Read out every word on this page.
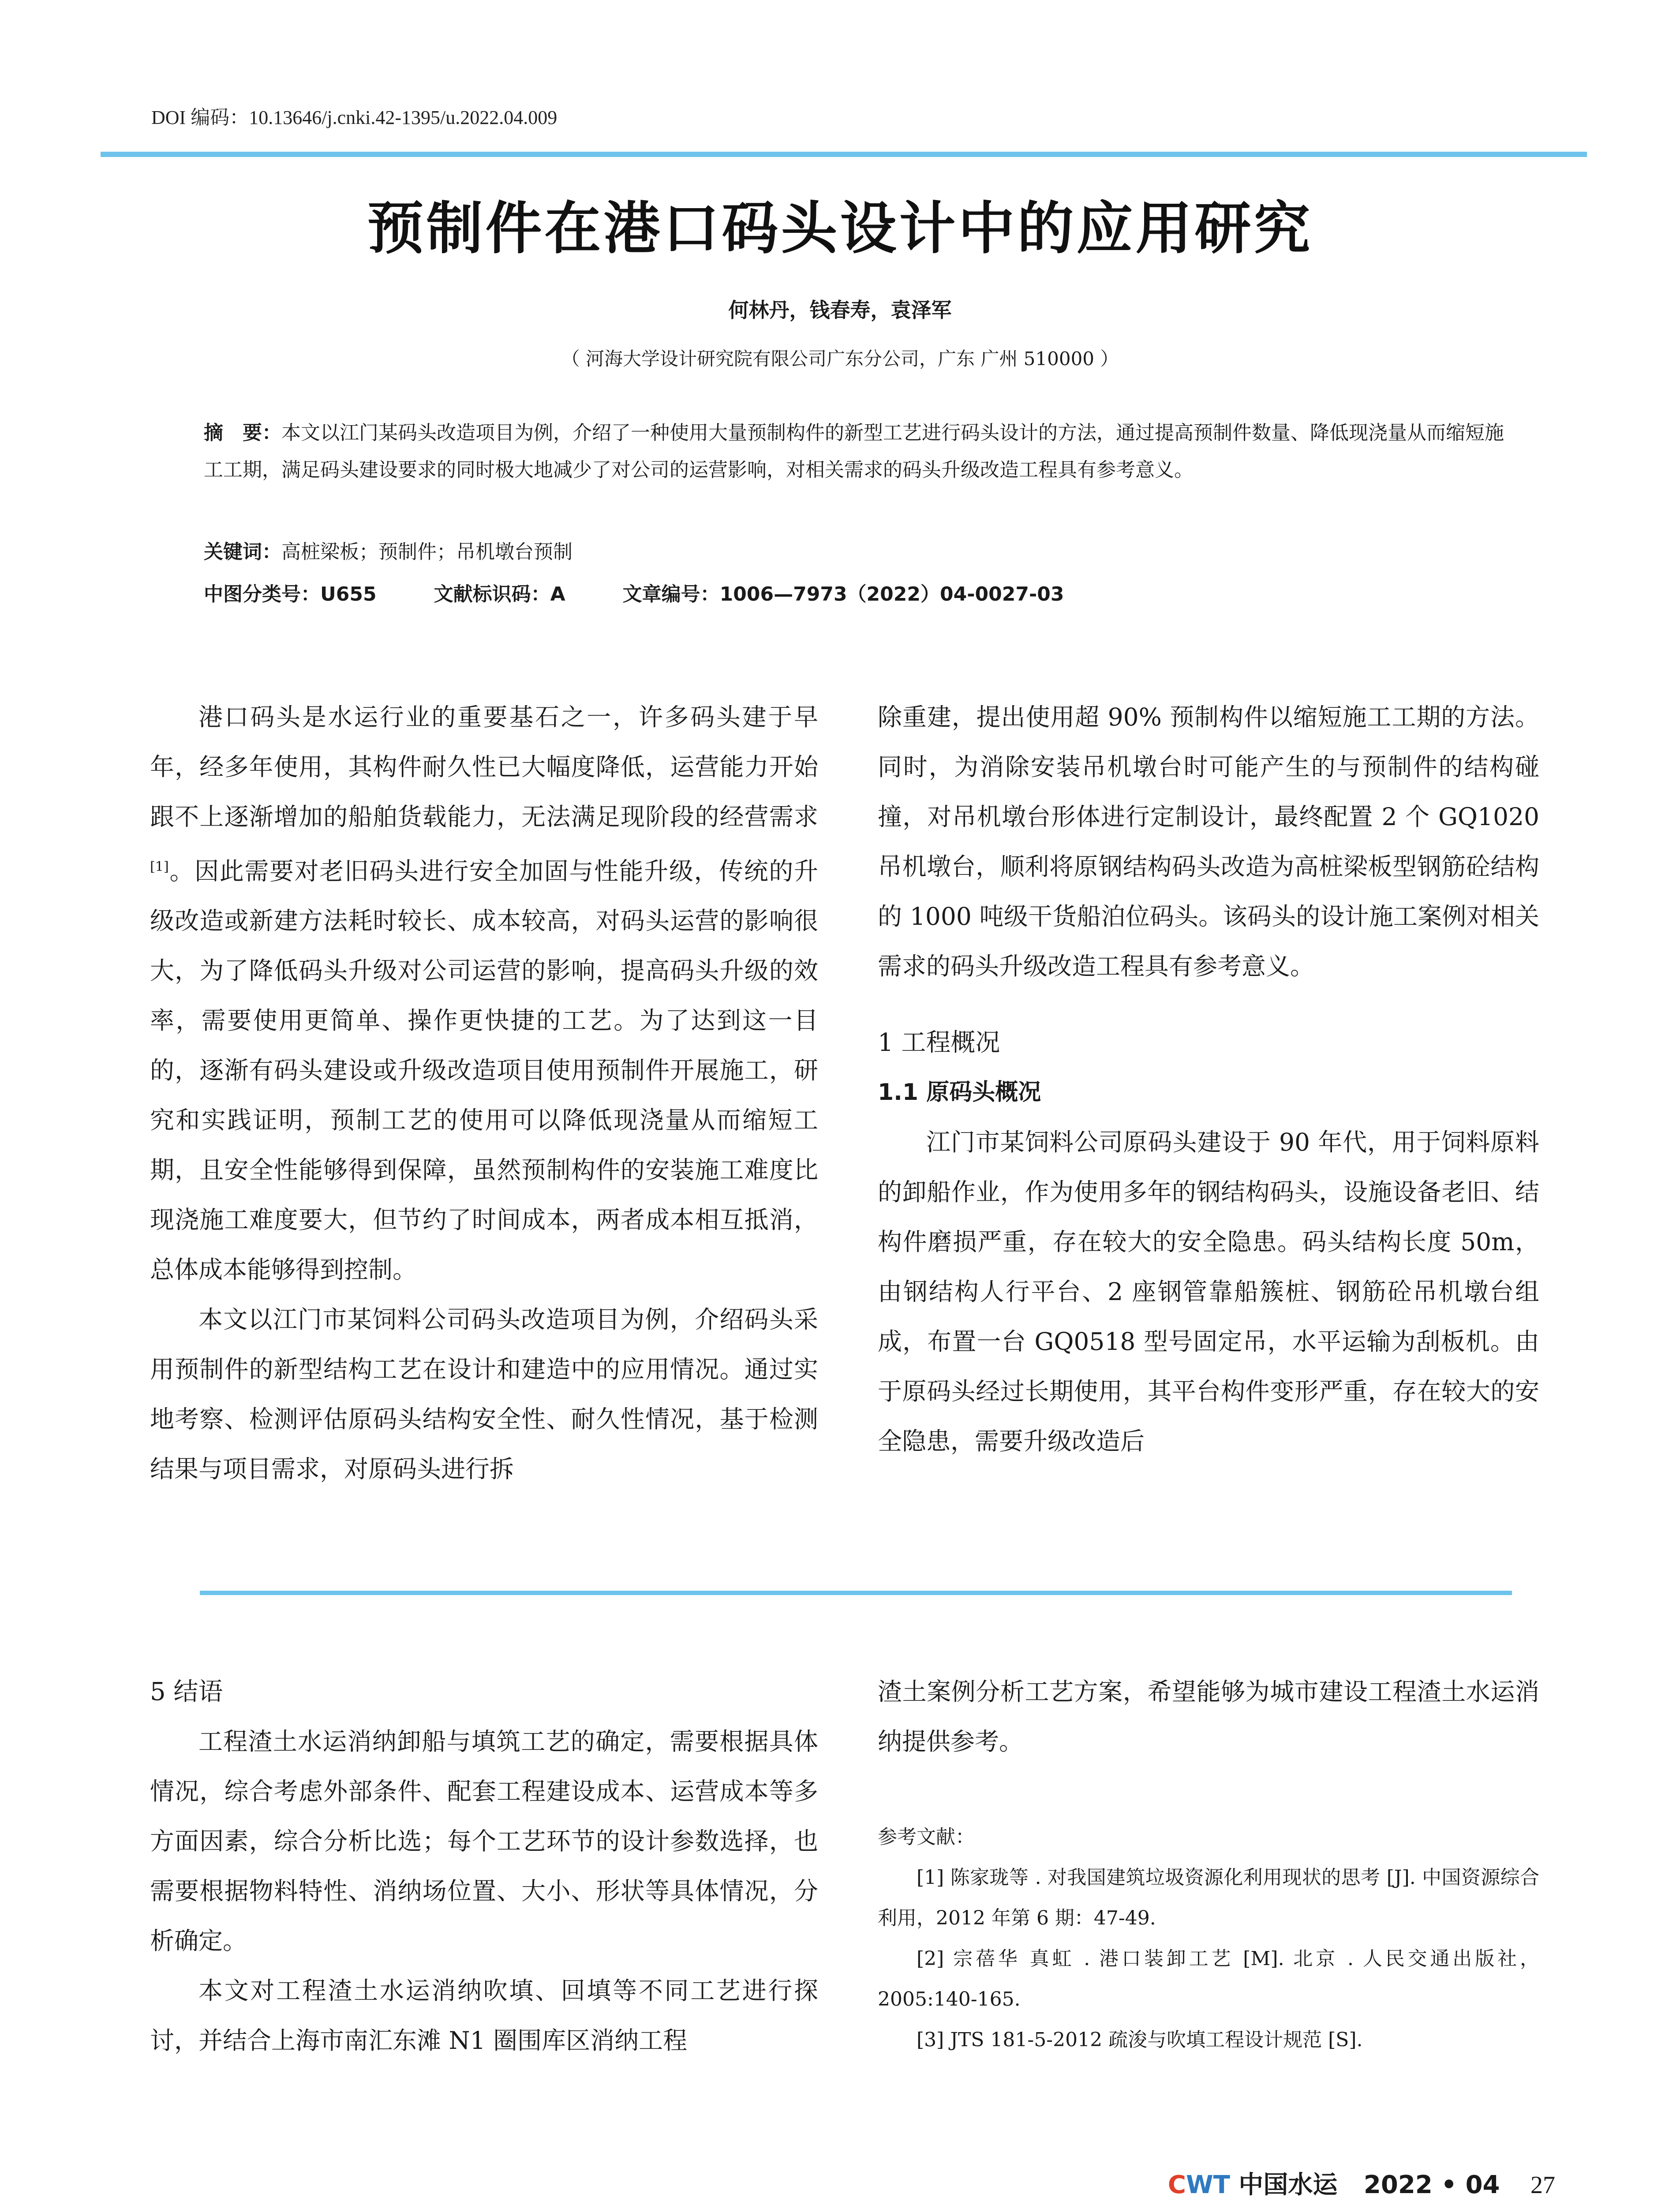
DOI 编码：10.13646/j.cnki.42-1395/u.2022.04.009
预制件在港口码头设计中的应用研究
何林丹，钱春寿，袁泽军
（ 河海大学设计研究院有限公司广东分公司，广东 广州 510000 ）
摘　要：本文以江门某码头改造项目为例，介绍了一种使用大量预制构件的新型工艺进行码头设计的方法，通过提高预制件数量、降低现浇量从而缩短施工工期，满足码头建设要求的同时极大地减少了对公司的运营影响，对相关需求的码头升级改造工程具有参考意义。
关键词：高桩梁板；预制件；吊机墩台预制
中图分类号：U655	文献标识码：A	文章编号：1006—7973（2022）04-0027-03

港口码头是水运行业的重要基石之一，许多码头建于早年，经多年使用，其构件耐久性已大幅度降低，运营能力开始跟不上逐渐增加的船舶货载能力，无法满足现阶段的经营需求[1]。因此需要对老旧码头进行安全加固与性能升级，传统的升级改造或新建方法耗时较长、成本较高，对码头运营的影响很大，为了降低码头升级对公司运营的影响，提高码头升级的效率，需要使用更简单、操作更快捷的工艺。为了达到这一目的，逐渐有码头建设或升级改造项目使用预制件开展施工，研究和实践证明，预制工艺的使用可以降低现浇量从而缩短工期，且安全性能够得到保障，虽然预制构件的安装施工难度比现浇施工难度要大，但节约了时间成本，两者成本相互抵消，总体成本能够得到控制。

本文以江门市某饲料公司码头改造项目为例，介绍码头采用预制件的新型结构工艺在设计和建造中的应用情况。通过实地考察、检测评估原码头结构安全性、耐久性情况，基于检测结果与项目需求，对原码头进行拆

除重建，提出使用超 90% 预制构件以缩短施工工期的方法。同时，为消除安装吊机墩台时可能产生的与预制件的结构碰撞，对吊机墩台形体进行定制设计，最终配置 2 个 GQ1020 吊机墩台，顺利将原钢结构码头改造为高桩梁板型钢筋砼结构的 1000 吨级干货船泊位码头。该码头的设计施工案例对相关需求的码头升级改造工程具有参考意义。

1 工程概况

1.1 原码头概况

江门市某饲料公司原码头建设于 90 年代，用于饲料原料的卸船作业，作为使用多年的钢结构码头，设施设备老旧、结构件磨损严重，存在较大的安全隐患。码头结构长度 50m，由钢结构人行平台、2 座钢管靠船簇桩、钢筋砼吊机墩台组成，布置一台 GQ0518 型号固定吊，水平运输为刮板机。由于原码头经过长期使用，其平台构件变形严重，存在较大的安全隐患，需要升级改造后

5 结语

工程渣土水运消纳卸船与填筑工艺的确定，需要根据具体情况，综合考虑外部条件、配套工程建设成本、运营成本等多方面因素，综合分析比选；每个工艺环节的设计参数选择，也需要根据物料特性、消纳场位置、大小、形状等具体情况，分析确定。

本文对工程渣土水运消纳吹填、回填等不同工艺进行探讨，并结合上海市南汇东滩 N1 圈围库区消纳工程

渣土案例分析工艺方案，希望能够为城市建设工程渣土水运消纳提供参考。

参考文献：

[1] 陈家珑等 . 对我国建筑垃圾资源化利用现状的思考 [J]. 中国资源综合利用，2012 年第 6 期：47-49.

[2] 宗蓓华 真虹 . 港口装卸工艺 [M]. 北京 . 人民交通出版社，2005:140-165.

[3] JTS 181-5-2012 疏浚与吹填工程设计规范 [S].

CWT 中国水运 2022 • 04 27
